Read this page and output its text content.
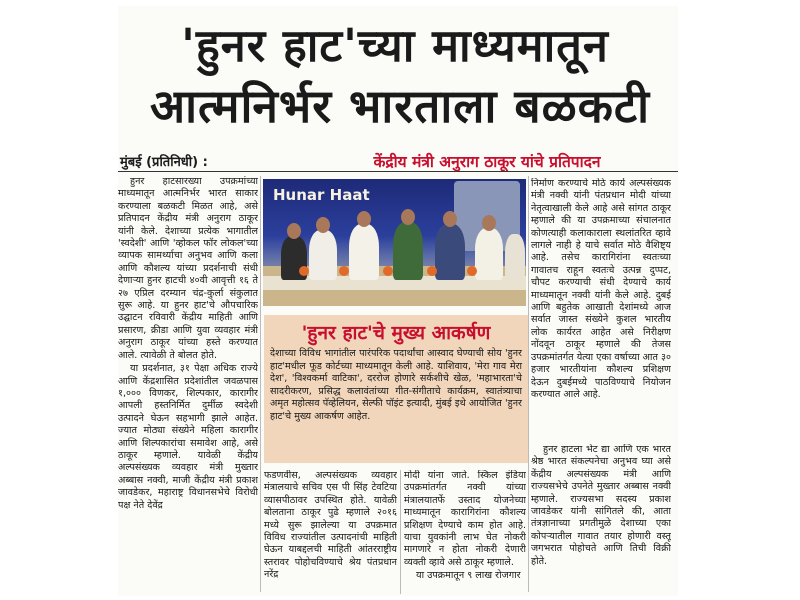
'हुनर हाट'च्या माध्यमातून
आत्मनिर्भर भारताला बळकटी
मुंबई (प्रतिनिधी) :	केंद्रीय मंत्री अनुराग ठाकूर यांचे प्रतिपादन

हुनर हाटसारख्या उपक्रमांच्या माध्यमातून आत्मनिर्भर भारत साकार करण्याला बळकटी मिळत आहे, असे प्रतिपादन केंद्रीय मंत्री अनुराग ठाकूर यांनी केले. देशाच्या प्रत्येक भागातील 'स्वदेशी' आणि 'व्होकल फॉर लोकल'च्या व्यापक सामर्थ्याचा अनुभव आणि कला आणि कौशल्य यांच्या प्रदर्शनाची संधी देणाऱ्या हुनर हाटची ४०वी आवृत्ती १६ ते २७ एप्रिल दरम्यान चंद्र-कुर्ला संकुलात सुरू आहे. या हुनर हाट'चे औपचारिक उद्घाटन रविवारी केंद्रीय माहिती आणि प्रसारण, क्रीडा आणि युवा व्यवहार मंत्री अनुराग ठाकूर यांच्या हस्ते करण्यात आले. त्यावेळी ते बोलत होते.

या प्रदर्शनात, ३१ पेक्षा अधिक राज्ये आणि केंद्रशासित प्रदेशांतील जवळपास १,००० विणकर, शिल्पकार, कारागीर आपली हस्तनिर्मित दुर्मीळ स्वदेशी उत्पादने घेऊन सहभागी झाले आहेत. ज्यात मोठ्या संख्येने महिला कारागीर आणि शिल्पकारांचा समावेश आहे, असे ठाकूर म्हणाले. यावेळी केंद्रीय अल्पसंख्यक व्यवहार मंत्री मुख्तार अब्बास नक्वी, माजी केंद्रीय मंत्री प्रकाश जावडेकर, महाराष्ट्र विधानसभेचे विरोधी पक्ष नेते देवेंद्र

Hunar Haat
'हुनर हाट'चे मुख्य आकर्षण
देशाच्या विविध भागांतील पारंपरिक पदार्थांचा आस्वाद घेण्याची सोय 'हुनर हाट'मधील फूड कोर्टच्या माध्यमातून केली आहे. याशिवाय, 'मेरा गाव मेरा देश', 'विश्वकर्मा वाटिका', दररोज होणारे सर्कशीचे खेळ, 'महाभारता'चे सादरीकरण, प्रसिद्ध कलावंतांच्या गीत-संगीताचे कार्यक्रम, स्वातंत्र्याचा अमृत महोत्सव पॅव्हेलियन, सेल्फी पॉइंट इत्यादी, मुंबई इथे आयोजित 'हुनर हाट'चे मुख्य आकर्षण आहेत.

फडणवीस, अल्पसंख्यक व्यवहार मंत्रालयाचे सचिव एस पी सिंह टेवटिया व्यासपीठावर उपस्थित होते. यावेळी बोलताना ठाकूर पुढे म्हणाले २०१६ मध्ये सुरू झालेल्या या उपक्रमात विविध राज्यांतील उत्पादनांची माहिती घेऊन याबद्दलची माहिती आंतरराष्ट्रीय स्तरावर पोहोचविण्याचे श्रेय पंतप्रधान नरेंद्र

मोदी यांना जाते. स्किल इंडिया उपक्रमांतर्गत नक्वी यांच्या मंत्रालयातर्फे उस्ताद योजनेच्या माध्यमातून कारागिरांना कौशल्य प्रशिक्षण देण्याचे काम होत आहे. याचा युवकांनी लाभ घेत नोकरी मागणारे न होता नोकरी देणारी व्यक्ती व्हावे असे ठाकूर म्हणाले.

या उपक्रमातून ९ लाख रोजगार

निर्माण करण्याचे मोठे कार्य अल्पसंख्यक मंत्री नक्वी यांनी पंतप्रधान मोदी यांच्या नेतृत्वाखाली केले आहे असे सांगत ठाकूर म्हणाले की या उपक्रमाच्या संचालनात कोणत्याही कलाकाराला स्थलांतरित व्हावे लागले नाही हे याचे सर्वात मोठे वैशिष्ट्य आहे. तसेच कारागिरांना स्वतःच्या गावातच राहून स्वतःचे उत्पन्न दुप्पट, चौपट करण्याची संधी देण्याचे कार्य माध्यमातून नक्वी यांनी केले आहे. दुबई आणि बहुतेक आखाती देशांमध्ये आज सर्वात जास्त संख्येने कुशल भारतीय लोक कार्यरत आहेत असे निरीक्षण नोंदवून ठाकूर म्हणाले की तेजस उपक्रमांतर्गत येत्या एका वर्षाच्या आत ३० हजार भारतीयांना कौशल्य प्रशिक्षण देऊन दुबईमध्ये पाठविण्याचे नियोजन करण्यात आले आहे.

हुनर हाटला भेट द्या आणि एक भारत श्रेष्ठ भारत संकल्पनेचा अनुभव घ्या असे केंद्रीय अल्पसंख्यक मंत्री आणि राज्यसभेचे उपनेते मुख्तार अब्बास नक्वी म्हणाले. राज्यसभा सदस्य प्रकाश जावडेकर यांनी सांगितले की, आता तंत्रज्ञानाच्या प्रगतीमुळे देशाच्या एका कोपऱ्यातील गावात तयार होणारी वस्तू जगभरात पोहोचते आणि तिची विक्री होते.
